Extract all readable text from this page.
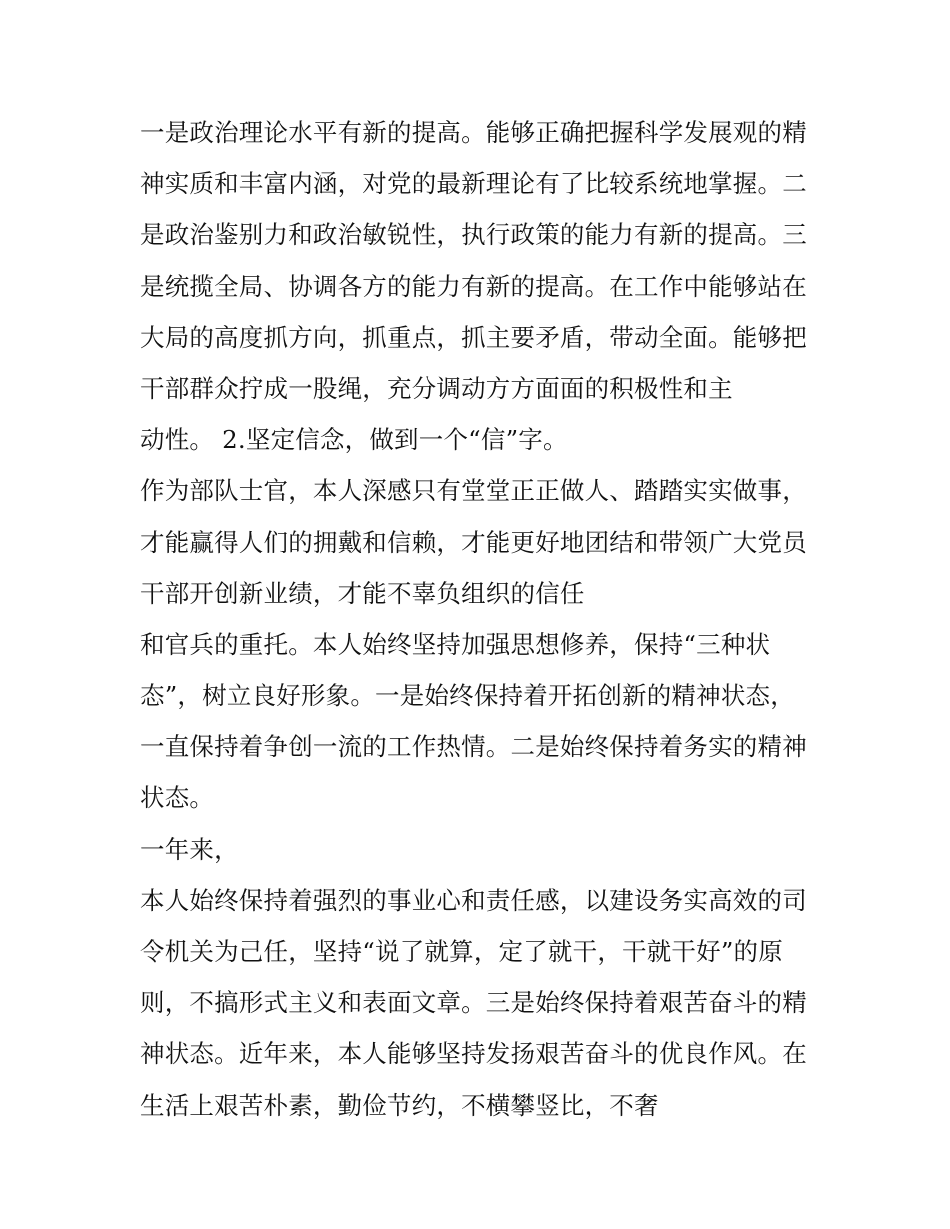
一是政治理论水平有新的提高。能够正确把握科学发展观的精
神实质和丰富内涵，对党的最新理论有了比较系统地掌握。二
是政治鉴别力和政治敏锐性，执行政策的能力有新的提高。三
是统揽全局、协调各方的能力有新的提高。在工作中能够站在
大局的高度抓方向，抓重点，抓主要矛盾，带动全面。能够把
干部群众拧成一股绳，充分调动方方面面的积极性和主
动性。 2.坚定信念，做到一个“信”字。
作为部队士官，本人深感只有堂堂正正做人、踏踏实实做事，
才能赢得人们的拥戴和信赖，才能更好地团结和带领广大党员
干部开创新业绩，才能不辜负组织的信任
和官兵的重托。本人始终坚持加强思想修养，保持“三种状
态”，树立良好形象。一是始终保持着开拓创新的精神状态，
一直保持着争创一流的工作热情。二是始终保持着务实的精神
状态。
一年来，
本人始终保持着强烈的事业心和责任感，以建设务实高效的司
令机关为己任，坚持“说了就算，定了就干，干就干好”的原
则，不搞形式主义和表面文章。三是始终保持着艰苦奋斗的精
神状态。近年来，本人能够坚持发扬艰苦奋斗的优良作风。在
生活上艰苦朴素，勤俭节约，不横攀竖比，不奢
